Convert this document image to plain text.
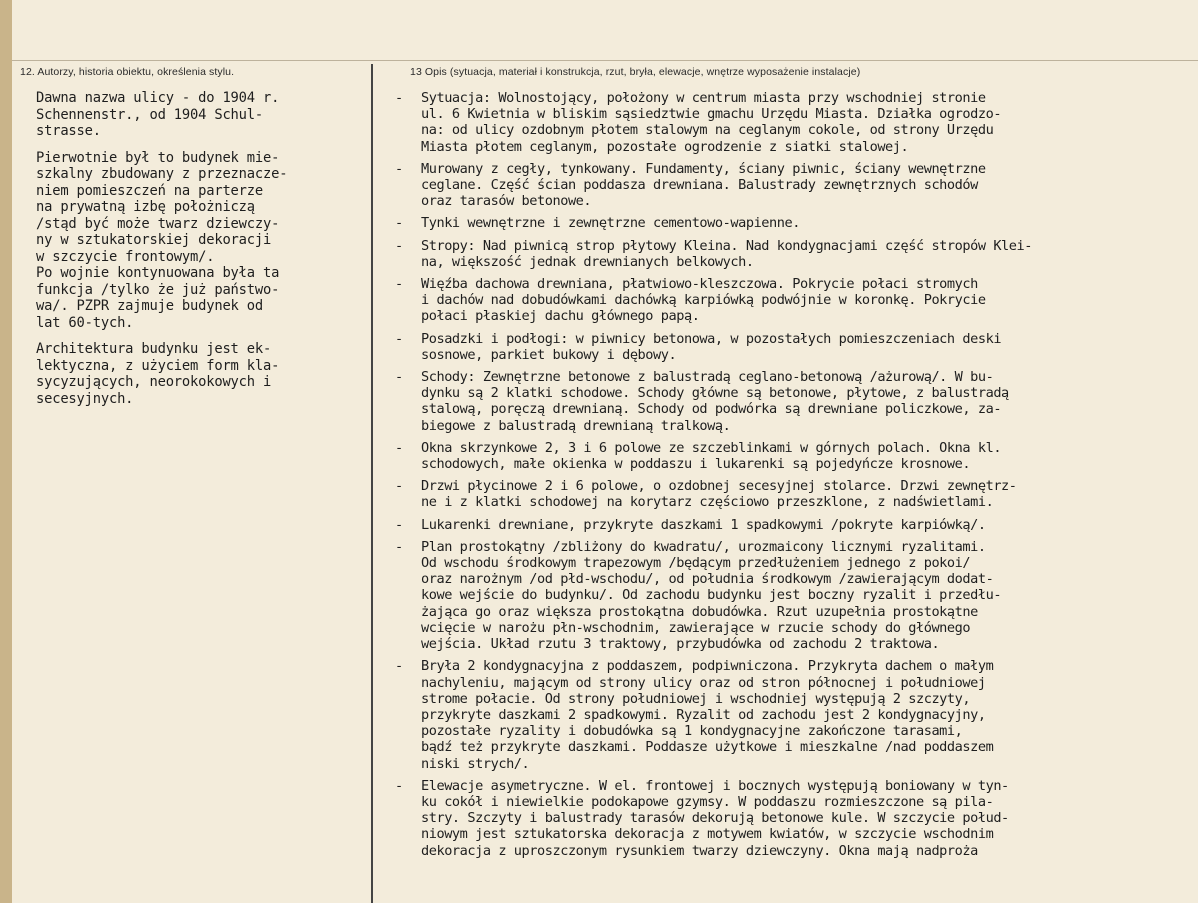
12. Autorzy, historia obiektu, określenia stylu.	13 Opis (sytuacja, materiał i konstrukcja, rzut, bryła, elewacje, wnętrze wyposażenie instalacje)

Dawna nazwa ulicy - do 1904 r.
Schennenstr., od 1904 Schul-
strasse.

Pierwotnie był to budynek mie-
szkalny zbudowany z przeznacze-
niem pomieszczeń na parterze
na prywatną izbę położniczą
/stąd być może twarz dziewczy-
ny w sztukatorskiej dekoracji
w szczycie frontowym/.
Po wojnie kontynuowana była ta
funkcja /tylko że już państwo-
wa/. PZPR zajmuje budynek od
lat 60-tych.

Architektura budynku jest ek-
lektyczna, z użyciem form kla-
sycyzujących, neorokokowych i
secesyjnych.

- Sytuacja: Wolnostojący, położony w centrum miasta przy wschodniej stronie
ul. 6 Kwietnia w bliskim sąsiedztwie gmachu Urzędu Miasta. Działka ogrodzo-
na: od ulicy ozdobnym płotem stalowym na ceglanym cokole, od strony Urzędu
Miasta płotem ceglanym, pozostałe ogrodzenie z siatki stalowej.
- Murowany z cegły, tynkowany. Fundamenty, ściany piwnic, ściany wewnętrzne
ceglane. Część ścian poddasza drewniana. Balustrady zewnętrznych schodów
oraz tarasów betonowe.
- Tynki wewnętrzne i zewnętrzne cementowo-wapienne.
- Stropy: Nad piwnicą strop płytowy Kleina. Nad kondygnacjami część stropów Klei-
na, większość jednak drewnianych belkowych.
- Więźba dachowa drewniana, płatwiowo-kleszczowa. Pokrycie połaci stromych
i dachów nad dobudówkami dachówką karpiówką podwójnie w koronkę. Pokrycie
połaci płaskiej dachu głównego papą.
- Posadzki i podłogi: w piwnicy betonowa, w pozostałych pomieszczeniach deski
sosnowe, parkiet bukowy i dębowy.
- Schody: Zewnętrzne betonowe z balustradą ceglano-betonową /ażurową/. W bu-
dynku są 2 klatki schodowe. Schody główne są betonowe, płytowe, z balustradą
stalową, poręczą drewnianą. Schody od podwórka są drewniane policzkowe, za-
biegowe z balustradą drewnianą tralkową.
- Okna skrzynkowe 2, 3 i 6 polowe ze szczeblinkami w górnych polach. Okna kl.
schodowych, małe okienka w poddaszu i lukarenki są pojedyńcze krosnowe.
- Drzwi płycinowe 2 i 6 polowe, o ozdobnej secesyjnej stolarce. Drzwi zewnętrz-
ne i z klatki schodowej na korytarz częściowo przeszklone, z nadświetlami.
- Lukarenki drewniane, przykryte daszkami 1 spadkowymi /pokryte karpiówką/.
- Plan prostokątny /zbliżony do kwadratu/, urozmaicony licznymi ryzalitami.
Od wschodu środkowym trapezowym /będącym przedłużeniem jednego z pokoi/
oraz narożnym /od płd-wschodu/, od południa środkowym /zawierającym dodat-
kowe wejście do budynku/. Od zachodu budynku jest boczny ryzalit i przedłu-
żająca go oraz większa prostokątna dobudówka. Rzut uzupełnia prostokątne
wcięcie w narożu płn-wschodnim, zawierające w rzucie schody do głównego
wejścia. Układ rzutu 3 traktowy, przybudówka od zachodu 2 traktowa.
- Bryła 2 kondygnacyjna z poddaszem, podpiwniczona. Przykryta dachem o małym
nachyleniu, mającym od strony ulicy oraz od stron północnej i południowej
strome połacie. Od strony południowej i wschodniej występują 2 szczyty,
przykryte daszkami 2 spadkowymi. Ryzalit od zachodu jest 2 kondygnacyjny,
pozostałe ryzality i dobudówka są 1 kondygnacyjne zakończone tarasami,
bądź też przykryte daszkami. Poddasze użytkowe i mieszkalne /nad poddaszem
niski strych/.
- Elewacje asymetryczne. W el. frontowej i bocznych występują boniowany w tyn-
ku cokół i niewielkie podokapowe gzymsy. W poddaszu rozmieszczone są pila-
stry. Szczyty i balustrady tarasów dekorują betonowe kule. W szczycie połud-
niowym jest sztukatorska dekoracja z motywem kwiatów, w szczycie wschodnim
dekoracja z uproszczonym rysunkiem twarzy dziewczyny. Okna mają nadproża
